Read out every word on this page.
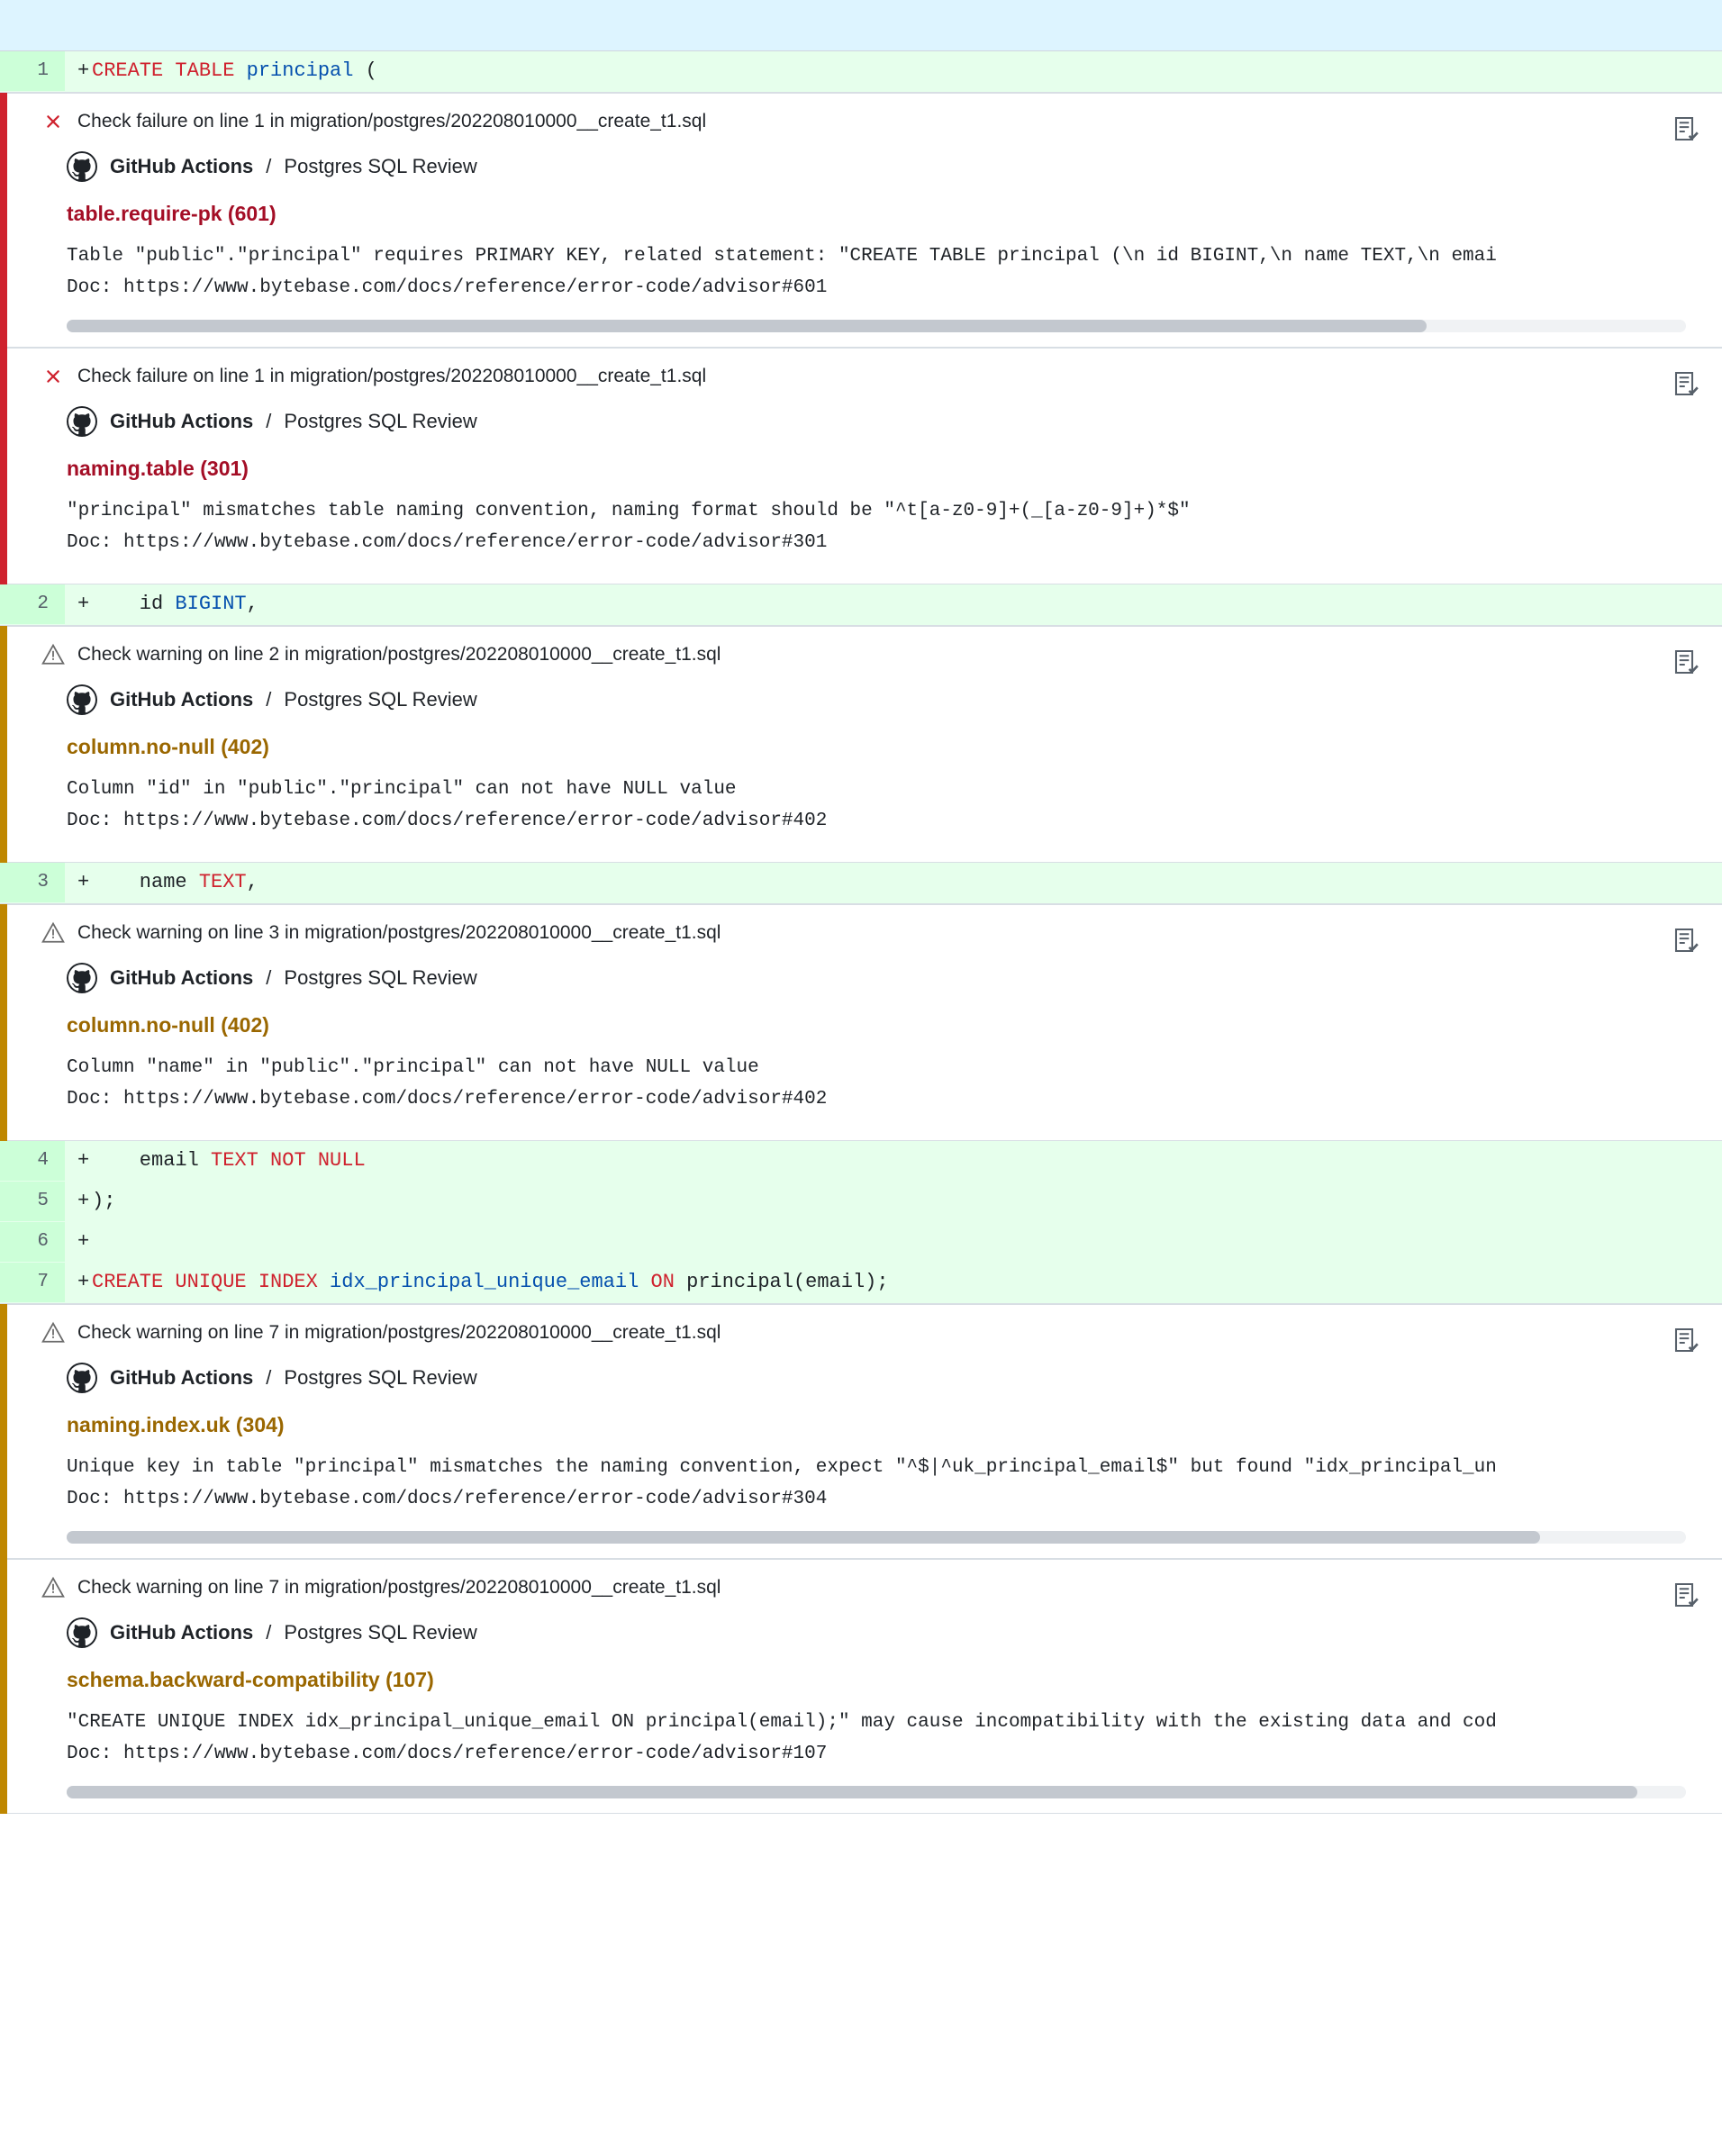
1	+ CREATE TABLE principal (
Check failure on line 1 in migration/postgres/202208010000__create_t1.sql
GitHub Actions / Postgres SQL Review
table.require-pk (601)
Table "public"."principal" requires PRIMARY KEY, related statement: "CREATE TABLE principal (\n id BIGINT,\n name TEXT,\n emai
Doc: https://www.bytebase.com/docs/reference/error-code/advisor#601
Check failure on line 1 in migration/postgres/202208010000__create_t1.sql
GitHub Actions / Postgres SQL Review
naming.table (301)
"principal" mismatches table naming convention, naming format should be "^t[a-z0-9]+(_[a-z0-9]+)*$"
Doc: https://www.bytebase.com/docs/reference/error-code/advisor#301
2	+ id BIGINT,
Check warning on line 2 in migration/postgres/202208010000__create_t1.sql
GitHub Actions / Postgres SQL Review
column.no-null (402)
Column "id" in "public"."principal" can not have NULL value
Doc: https://www.bytebase.com/docs/reference/error-code/advisor#402
3	+ name TEXT,
Check warning on line 3 in migration/postgres/202208010000__create_t1.sql
GitHub Actions / Postgres SQL Review
column.no-null (402)
Column "name" in "public"."principal" can not have NULL value
Doc: https://www.bytebase.com/docs/reference/error-code/advisor#402
4	+ email TEXT NOT NULL
5	+ );
6	+
7	+ CREATE UNIQUE INDEX idx_principal_unique_email ON principal(email);
Check warning on line 7 in migration/postgres/202208010000__create_t1.sql
GitHub Actions / Postgres SQL Review
naming.index.uk (304)
Unique key in table "principal" mismatches the naming convention, expect "^$|^uk_principal_email$" but found "idx_principal_un
Doc: https://www.bytebase.com/docs/reference/error-code/advisor#304
Check warning on line 7 in migration/postgres/202208010000__create_t1.sql
GitHub Actions / Postgres SQL Review
schema.backward-compatibility (107)
"CREATE UNIQUE INDEX idx_principal_unique_email ON principal(email);" may cause incompatibility with the existing data and cod
Doc: https://www.bytebase.com/docs/reference/error-code/advisor#107
